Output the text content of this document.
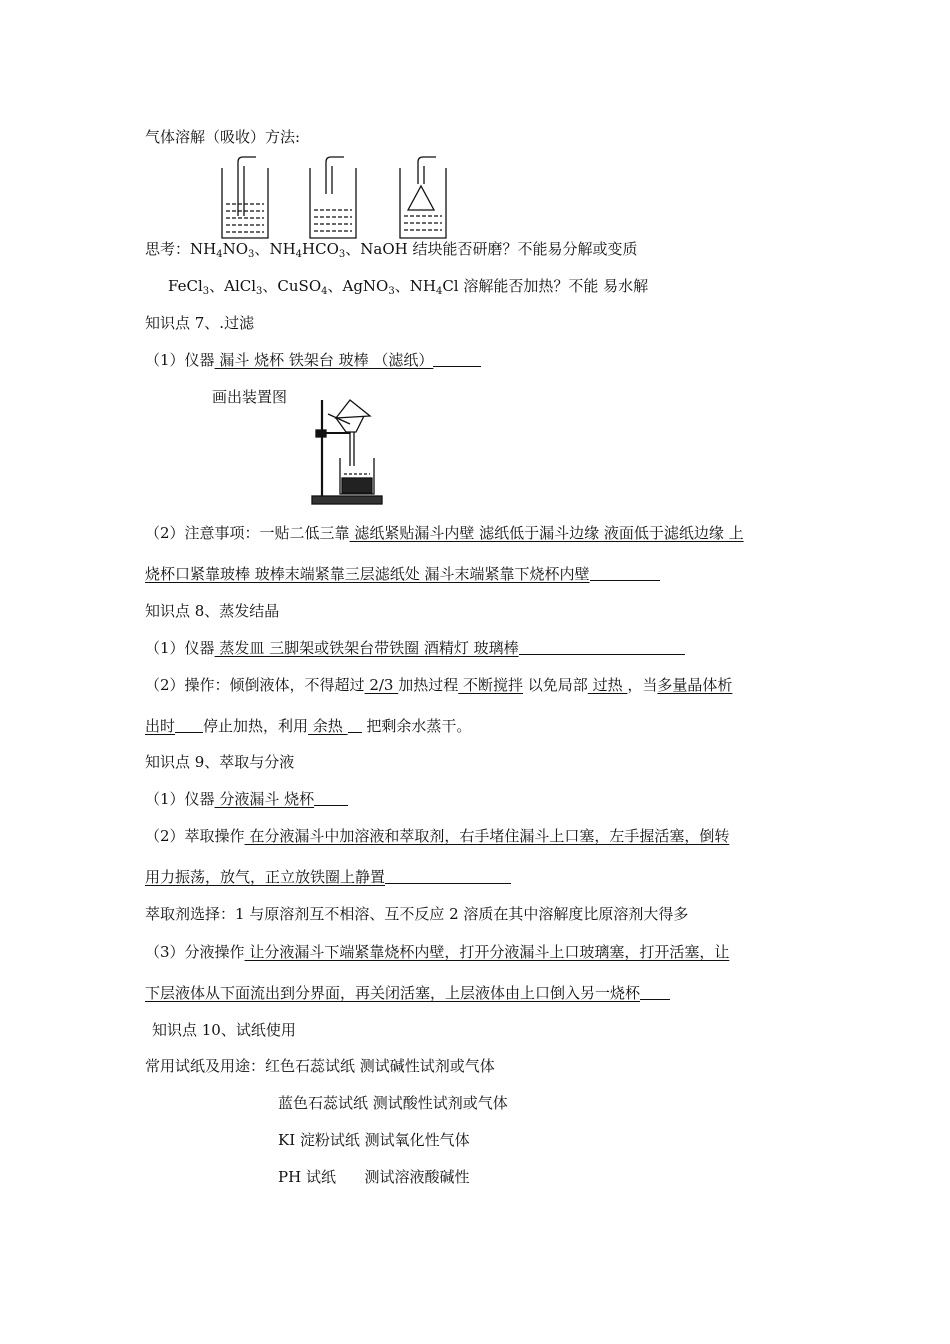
气体溶解（吸收）方法:
思考：$NH_4NO_3$、$NH_4HCO_3$、NaOH 结块能否研磨？不能易分解或变质
FeCl$_3$、AlCl$_3$、CuSO$_4$、AgNO$_3$、$NH_4Cl$ 溶解能否加热？不能 易水解
知识点 7、.过滤
（1）仪器 漏斗 烧杯 铁架台 玻棒 （滤纸）
画出装置图
（2）注意事项：一贴二低三靠 滤纸紧贴漏斗内壁 滤纸低于漏斗边缘 液面低于滤纸边缘 上
烧杯口紧靠玻棒 玻棒末端紧靠三层滤纸处 漏斗末端紧靠下烧杯内壁
知识点 8、蒸发结晶
（1）仪器 蒸发皿 三脚架或铁架台带铁圈 酒精灯 玻璃棒
（2）操作：倾倒液体，不得超过 2/3 加热过程 不断搅拌 以免局部 过热 ，当多量晶体析
出时 停止加热，利用 余热  把剩余水蒸干。
知识点 9、萃取与分液
（1）仪器 分液漏斗 烧杯
（2）萃取操作 在分液漏斗中加溶液和萃取剂，右手堵住漏斗上口塞，左手握活塞，倒转
用力振荡，放气，正立放铁圈上静置
萃取剂选择：1 与原溶剂互不相溶、互不反应 2 溶质在其中溶解度比原溶剂大得多
（3）分液操作 让分液漏斗下端紧靠烧杯内壁，打开分液漏斗上口玻璃塞，打开活塞，让
下层液体从下面流出到分界面，再关闭活塞，上层液体由上口倒入另一烧杯
知识点 10、试纸使用
常用试纸及用途：红色石蕊试纸 测试碱性试剂或气体
蓝色石蕊试纸 测试酸性试剂或气体
KI 淀粉试纸 测试氧化性气体
PH 试纸      测试溶液酸碱性
